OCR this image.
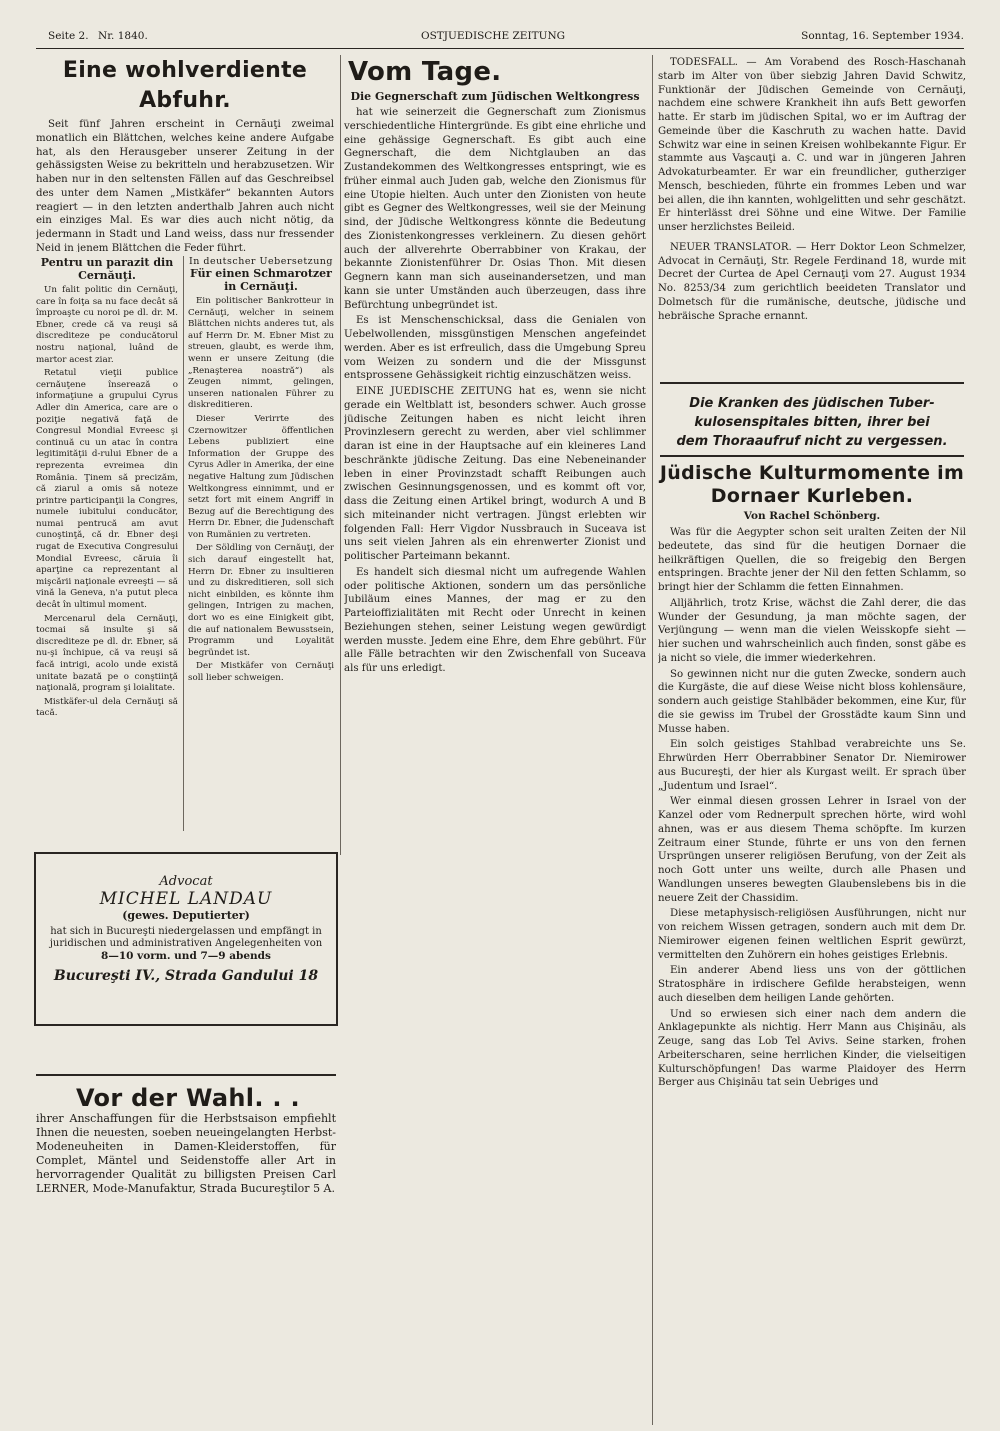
Seite 2. Nr. 1840.	OSTJUEDISCHE ZEITUNG	Sonntag, 16. September 1934.
Eine wohlverdiente Abfuhr.

Seit fünf Jahren erscheint in Cernăuţi zweimal monatlich ein Blättchen, welches keine andere Aufgabe hat, als den Herausgeber unserer Zeitung in der gehässigsten Weise zu bekritteln und herabzusetzen. Wir haben nur in den seltensten Fällen auf das Geschreibsel des unter dem Namen „Mistkäfer“ bekannten Autors reagiert — in den letzten anderthalb Jahren auch nicht ein einziges Mal. Es war dies auch nicht nötig, da jedermann in Stadt und Land weiss, dass nur fressender Neid in jenem Blättchen die Feder führt.

Pentru un parazit din Cernăuţi.

Un falit politic din Cernăuţi, care în foiţa sa nu face decât să împroaşte cu noroi pe dl. dr. M. Ebner, crede că va reuşi să discrediteze pe conducătorul nostru naţional, luând de martor acest ziar.

Retatul vieţii publice cernăuţene înserează o informaţiune a grupului Cyrus Adler din America, care are o poziţie negativă faţă de Congresul Mondial Evreesc şi continuă cu un atac în contra legitimităţii d-rului Ebner de a reprezenta evreimea din România. Ţinem să precizăm, că ziarul a omis să noteze printre participanţii la Congres, numele iubitului conducător, numai pentrucă am avut cunoştinţă, că dr. Ebner deşi rugat de Executiva Congresului Mondial Evreesc, căruia îi aparţine ca reprezentant al mişcării naţionale evreeşti — să vină la Geneva, n'a putut pleca decât în ultimul moment.

Mercenarul dela Cernăuţi, tocmai să insulte şi să discrediteze pe dl. dr. Ebner, să nu-şi închipue, că va reuşi să facă intrigi, acolo unde există unitate bazată pe o conştiinţă naţională, program şi loialitate.

Mistkäfer-ul dela Cernăuţi să tacă.

In deutscher Uebersetzung
Für einen Schmarotzer in Cernăuţi.

Ein politischer Bankrotteur in Cernăuţi, welcher in seinem Blättchen nichts anderes tut, als auf Herrn Dr. M. Ebner Mist zu streuen, glaubt, es werde ihm, wenn er unsere Zeitung (die „Renaşterea noastră“) als Zeugen nimmt, gelingen, unseren nationalen Führer zu diskreditieren.

Dieser Verirrte des Czernowitzer öffentlichen Lebens publiziert eine Information der Gruppe des Cyrus Adler in Amerika, der eine negative Haltung zum Jüdischen Weltkongress einnimmt, und er setzt fort mit einem Angriff in Bezug auf die Berechtigung des Herrn Dr. Ebner, die Judenschaft von Rumänien zu vertreten.

Der Söldling von Cernăuţi, der sich darauf eingestellt hat, Herrn Dr. Ebner zu insultieren und zu diskreditieren, soll sich nicht einbilden, es könnte ihm gelingen, Intrigen zu machen, dort wo es eine Einigkeit gibt, die auf nationalem Bewusstsein, Programm und Loyalität begründet ist.

Der Mistkäfer von Cernăuţi soll lieber schweigen.

Advocat
MICHEL LANDAU
(gewes. Deputierter)
hat sich in Bucureşti niedergelassen und empfängt in juridischen und administrativen Angelegenheiten von
8—10 vorm. und 7—9 abends
Bucureşti IV., Strada Gandului 18
Vor der Wahl. . .
ihrer Anschaffungen für die Herbstsaison empfiehlt Ihnen die neuesten, soeben neueingelangten Herbst-Modeneuheiten in Damen-Kleiderstoffen, für Complet, Mäntel und Seidenstoffe aller Art in hervorragender Qualität zu billigsten Preisen Carl LERNER, Mode-Manufaktur, Strada Bucureştilor 5 A.
Vom Tage.
Die Gegnerschaft zum Jüdischen Weltkongress

hat wie seinerzeit die Gegnerschaft zum Zionismus verschiedentliche Hintergründe. Es gibt eine ehrliche und eine gehässige Gegnerschaft. Es gibt auch eine Gegnerschaft, die dem Nichtglauben an das Zustandekommen des Weltkongresses entspringt, wie es früher einmal auch Juden gab, welche den Zionismus für eine Utopie hielten. Auch unter den Zionisten von heute gibt es Gegner des Weltkongresses, weil sie der Meinung sind, der Jüdische Weltkongress könnte die Bedeutung des Zionistenkongresses verkleinern. Zu diesen gehört auch der allverehrte Oberrabbiner von Krakau, der bekannte Zionistenführer Dr. Osias Thon. Mit diesen Gegnern kann man sich auseinandersetzen, und man kann sie unter Umständen auch überzeugen, dass ihre Befürchtung unbegründet ist.

Es ist Menschenschicksal, dass die Genialen von Uebelwollenden, missgünstigen Menschen angefeindet werden. Aber es ist erfreulich, dass die Umgebung Spreu vom Weizen zu sondern und die der Missgunst entsprossene Gehässigkeit richtig einzuschätzen weiss.

EINE JUEDISCHE ZEITUNG hat es, wenn sie nicht gerade ein Weltblatt ist, besonders schwer. Auch grosse jüdische Zeitungen haben es nicht leicht ihren Provinzlesern gerecht zu werden, aber viel schlimmer daran ist eine in der Hauptsache auf ein kleineres Land beschränkte jüdische Zeitung. Das eine Nebeneinander leben in einer Provinzstadt schafft Reibungen auch zwischen Gesinnungsgenossen, und es kommt oft vor, dass die Zeitung einen Artikel bringt, wodurch A und B sich miteinander nicht vertragen. Jüngst erlebten wir folgenden Fall: Herr Vigdor Nussbrauch in Suceava ist uns seit vielen Jahren als ein ehrenwerter Zionist und politischer Parteimann bekannt.

Es handelt sich diesmal nicht um aufregende Wahlen oder politische Aktionen, sondern um das persönliche Jubiläum eines Mannes, der mag er zu den Parteioffizialitäten mit Recht oder Unrecht in keinen Beziehungen stehen, seiner Leistung wegen gewürdigt werden musste. Jedem eine Ehre, dem Ehre gebührt. Für alle Fälle betrachten wir den Zwischenfall von Suceava als für uns erledigt.

TODESFALL. — Am Vorabend des Rosch-Haschanah starb im Alter von über siebzig Jahren David Schwitz, Funktionär der Jüdischen Gemeinde von Cernăuţi, nachdem eine schwere Krankheit ihn aufs Bett geworfen hatte. Er starb im jüdischen Spital, wo er im Auftrag der Gemeinde über die Kaschruth zu wachen hatte. David Schwitz war eine in seinen Kreisen wohlbekannte Figur. Er stammte aus Vaşcauţi a. C. und war in jüngeren Jahren Advokaturbeamter. Er war ein freundlicher, gutherziger Mensch, beschieden, führte ein frommes Leben und war bei allen, die ihn kannten, wohlgelitten und sehr geschätzt. Er hinterlässt drei Söhne und eine Witwe. Der Familie unser herzlichstes Beileid.

NEUER TRANSLATOR. — Herr Doktor Leon Schmelzer, Advocat in Cernăuţi, Str. Regele Ferdinand 18, wurde mit Decret der Curtea de Apel Cernauţi vom 27. August 1934 No. 8253/34 zum gerichtlich beeideten Translator und Dolmetsch für die rumänische, deutsche, jüdische und hebräische Sprache ernannt.

Die Kranken des jüdischen Tuber-
kulosenspitales bitten, ihrer bei
dem Thoraaufruf nicht zu vergessen.
Jüdische Kulturmomente im Dornaer Kurleben.
Von Rachel Schönberg.

Was für die Aegypter schon seit uralten Zeiten der Nil bedeutete, das sind für die heutigen Dornaer die heilkräftigen Quellen, die so freigebig den Bergen entspringen. Brachte jener der Nil den fetten Schlamm, so bringt hier der Schlamm die fetten Einnahmen.

Alljährlich, trotz Krise, wächst die Zahl derer, die das Wunder der Gesundung, ja man möchte sagen, der Verjüngung — wenn man die vielen Weisskopfe sieht — hier suchen und wahrscheinlich auch finden, sonst gäbe es ja nicht so viele, die immer wiederkehren.

So gewinnen nicht nur die guten Zwecke, sondern auch die Kurgäste, die auf diese Weise nicht bloss kohlensäure, sondern auch geistige Stahlbäder bekommen, eine Kur, für die sie gewiss im Trubel der Grosstädte kaum Sinn und Musse haben.

Ein solch geistiges Stahlbad verabreichte uns Se. Ehrwürden Herr Oberrabbiner Senator Dr. Niemirower aus Bucureşti, der hier als Kurgast weilt. Er sprach über „Judentum und Israel“.

Wer einmal diesen grossen Lehrer in Israel von der Kanzel oder vom Rednerpult sprechen hörte, wird wohl ahnen, was er aus diesem Thema schöpfte. Im kurzen Zeitraum einer Stunde, führte er uns von den fernen Ursprüngen unserer religiösen Berufung, von der Zeit als noch Gott unter uns weilte, durch alle Phasen und Wandlungen unseres bewegten Glaubenslebens bis in die neuere Zeit der Chassidim.

Diese metaphysisch-religiösen Ausführungen, nicht nur von reichem Wissen getragen, sondern auch mit dem Dr. Niemirower eigenen feinen weltlichen Esprit gewürzt, vermittelten den Zuhörern ein hohes geistiges Erlebnis.

Ein anderer Abend liess uns von der göttlichen Stratosphäre in irdischere Gefilde herabsteigen, wenn auch dieselben dem heiligen Lande gehörten.

Und so erwiesen sich einer nach dem andern die Anklagepunkte als nichtig. Herr Mann aus Chişinău, als Zeuge, sang das Lob Tel Avivs. Seine starken, frohen Arbeiterscharen, seine herrlichen Kinder, die vielseitigen Kulturschöpfungen! Das warme Plaidoyer des Herrn Berger aus Chişinău tat sein Uebriges und
